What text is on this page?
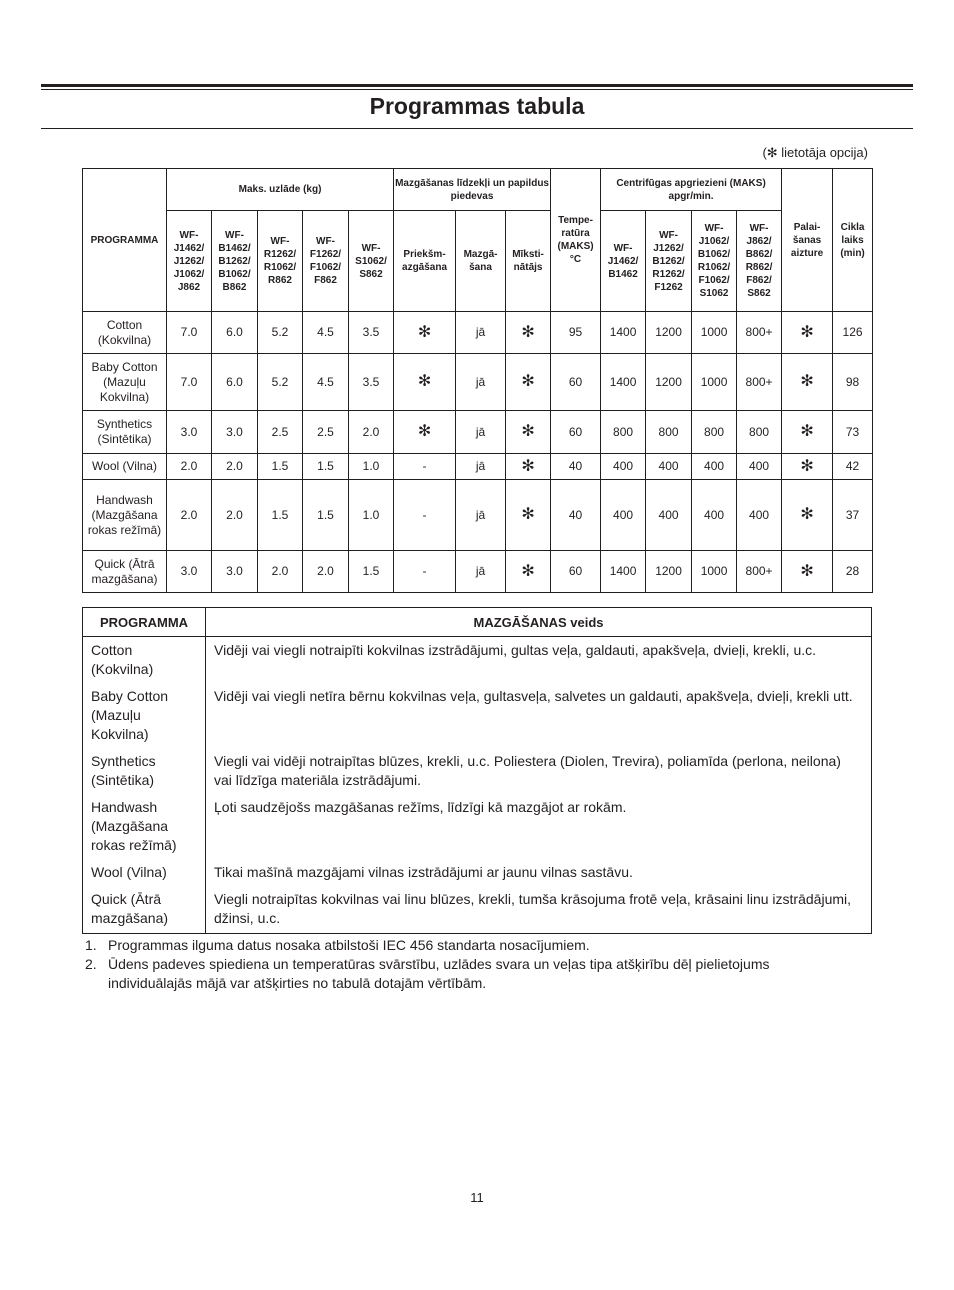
Programmas tabula
(✻ lietotāja opcija)
PROGRAMMA	Maks. uzlāde (kg)					Mazgāšanas līdzekļi un papildus piedevas			Tempe-ratūra (MAKS) °C	Centrifūgas apgriezieni (MAKS) apgr/min.				Palai-šanas aizture	Cikla laiks (min)
	WF-J1462/ J1262/ J1062/ J862	WF-B1462/ B1262/ B1062/ B862	WF-R1262/ R1062/ R862	WF-F1262/ F1062/ F862	WF-S1062/ S862	Priekšm-azgāšana	Mazgā-šana	Mīksti-nātājs		WF-J1462/ B1462	WF-J1262/ B1262/ R1262/ F1262	WF-J1062/ B1062/ R1062/ F1062/ S1062	WF-J862/ B862/ R862/ F862/ S862		
Cotton (Kokvilna)	7.0	6.0	5.2	4.5	3.5	✻	jā	✻	95	1400	1200	1000	800+	✻	126
Baby Cotton (Mazuļu Kokvilna)	7.0	6.0	5.2	4.5	3.5	✻	jā	✻	60	1400	1200	1000	800+	✻	98
Synthetics (Sintētika)	3.0	3.0	2.5	2.5	2.0	✻	jā	✻	60	800	800	800	800	✻	73
Wool (Vilna)	2.0	2.0	1.5	1.5	1.0	-	jā	✻	40	400	400	400	400	✻	42
Handwash (Mazgāšana rokas režīmā)	2.0	2.0	1.5	1.5	1.0	-	jā	✻	40	400	400	400	400	✻	37
Quick (Ātrā mazgāšana)	3.0	3.0	2.0	2.0	1.5	-	jā	✻	60	1400	1200	1000	800+	✻	28
PROGRAMMA	MAZGĀŠANAS veids
Cotton (Kokvilna)	Vidēji vai viegli notraipīti kokvilnas izstrādājumi, gultas veļa, galdauti, apakšveļa, dvieļi, krekli, u.c.
Baby Cotton (Mazuļu Kokvilna)	Vidēji vai viegli netīra bērnu kokvilnas veļa, gultasveļa, salvetes un galdauti, apakšveļa, dvieļi, krekli utt.
Synthetics (Sintētika)	Viegli vai vidēji notraipītas blūzes, krekli, u.c. Poliestera (Diolen, Trevira), poliamīda (perlona, neilona) vai līdzīga materiāla izstrādājumi.
Handwash (Mazgāšana rokas režīmā)	Ļoti saudzējošs mazgāšanas režīms, līdzīgi kā mazgājot ar rokām.
Wool (Vilna)	Tikai mašīnā mazgājami vilnas izstrādājumi ar jaunu vilnas sastāvu.
Quick (Ātrā mazgāšana)	Viegli notraipītas kokvilnas vai linu blūzes, krekli, tumša krāsojuma frotē veļa, krāsaini linu izstrādājumi, džinsi, u.c.
1. Programmas ilguma datus nosaka atbilstoši IEC 456 standarta nosacījumiem.
2. Ūdens padeves spiediena un temperatūras svārstību, uzlādes svara un veļas tipa atšķirību dēļ pielietojums individuālajās mājā var atšķirties no tabulā dotajām vērtībām.
11
